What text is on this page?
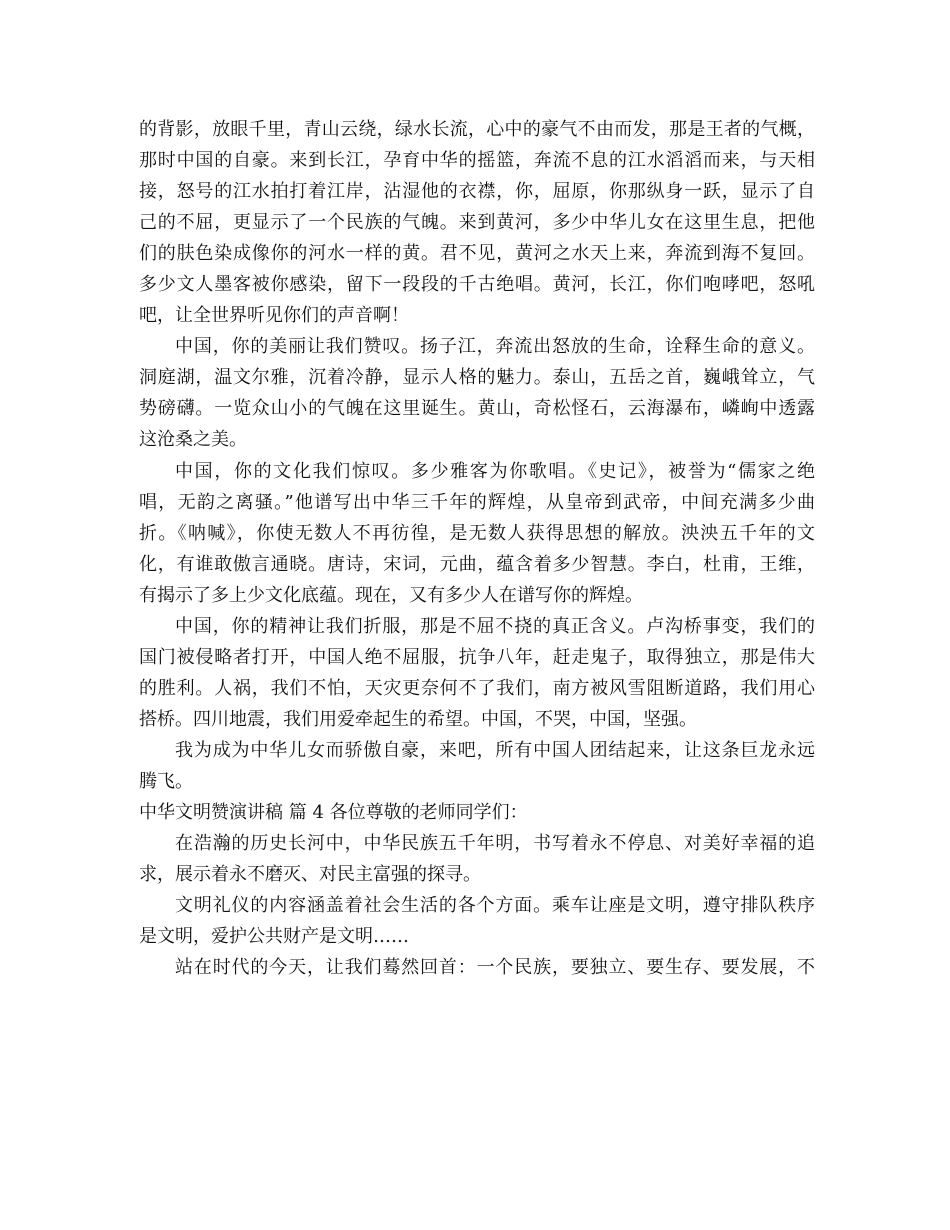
的背影，放眼千里，青山云绕，绿水长流，心中的豪气不由而发，那是王者的气概，

那时中国的自豪。来到长江，孕育中华的摇篮，奔流不息的江水滔滔而来，与天相

接，怒号的江水拍打着江岸，沾湿他的衣襟，你，屈原，你那纵身一跃，显示了自

己的不屈，更显示了一个民族的气魄。来到黄河，多少中华儿女在这里生息，把他

们的肤色染成像你的河水一样的黄。君不见，黄河之水天上来，奔流到海不复回。

多少文人墨客被你感染，留下一段段的千古绝唱。黄河，长江，你们咆哮吧，怒吼

吧，让全世界听见你们的声音啊！

中国，你的美丽让我们赞叹。扬子江，奔流出怒放的生命，诠释生命的意义。

洞庭湖，温文尔雅，沉着冷静，显示人格的魅力。泰山，五岳之首，巍峨耸立，气

势磅礴。一览众山小的气魄在这里诞生。黄山，奇松怪石，云海瀑布，嶙峋中透露

这沧桑之美。

中国，你的文化我们惊叹。多少雅客为你歌唱。《史记》，被誉为“儒家之绝

唱，无韵之离骚。”他谱写出中华三千年的辉煌，从皇帝到武帝，中间充满多少曲

折。《呐喊》，你使无数人不再彷徨，是无数人获得思想的解放。泱泱五千年的文

化，有谁敢傲言通晓。唐诗，宋词，元曲，蕴含着多少智慧。李白，杜甫，王维，

有揭示了多上少文化底蕴。现在，又有多少人在谱写你的辉煌。

中国，你的精神让我们折服，那是不屈不挠的真正含义。卢沟桥事变，我们的

国门被侵略者打开，中国人绝不屈服，抗争八年，赶走鬼子，取得独立，那是伟大

的胜利。人祸，我们不怕，天灾更奈何不了我们，南方被风雪阻断道路，我们用心

搭桥。四川地震，我们用爱牵起生的希望。中国，不哭，中国，坚强。

我为成为中华儿女而骄傲自豪，来吧，所有中国人团结起来，让这条巨龙永远

腾飞。

中华文明赞演讲稿 篇 4 各位尊敬的老师同学们：

在浩瀚的历史长河中，中华民族五千年明，书写着永不停息、对美好幸福的追

求，展示着永不磨灭、对民主富强的探寻。

文明礼仪的内容涵盖着社会生活的各个方面。乘车让座是文明，遵守排队秩序

是文明，爱护公共财产是文明……

站在时代的今天，让我们蓦然回首：一个民族，要独立、要生存、要发展，不
